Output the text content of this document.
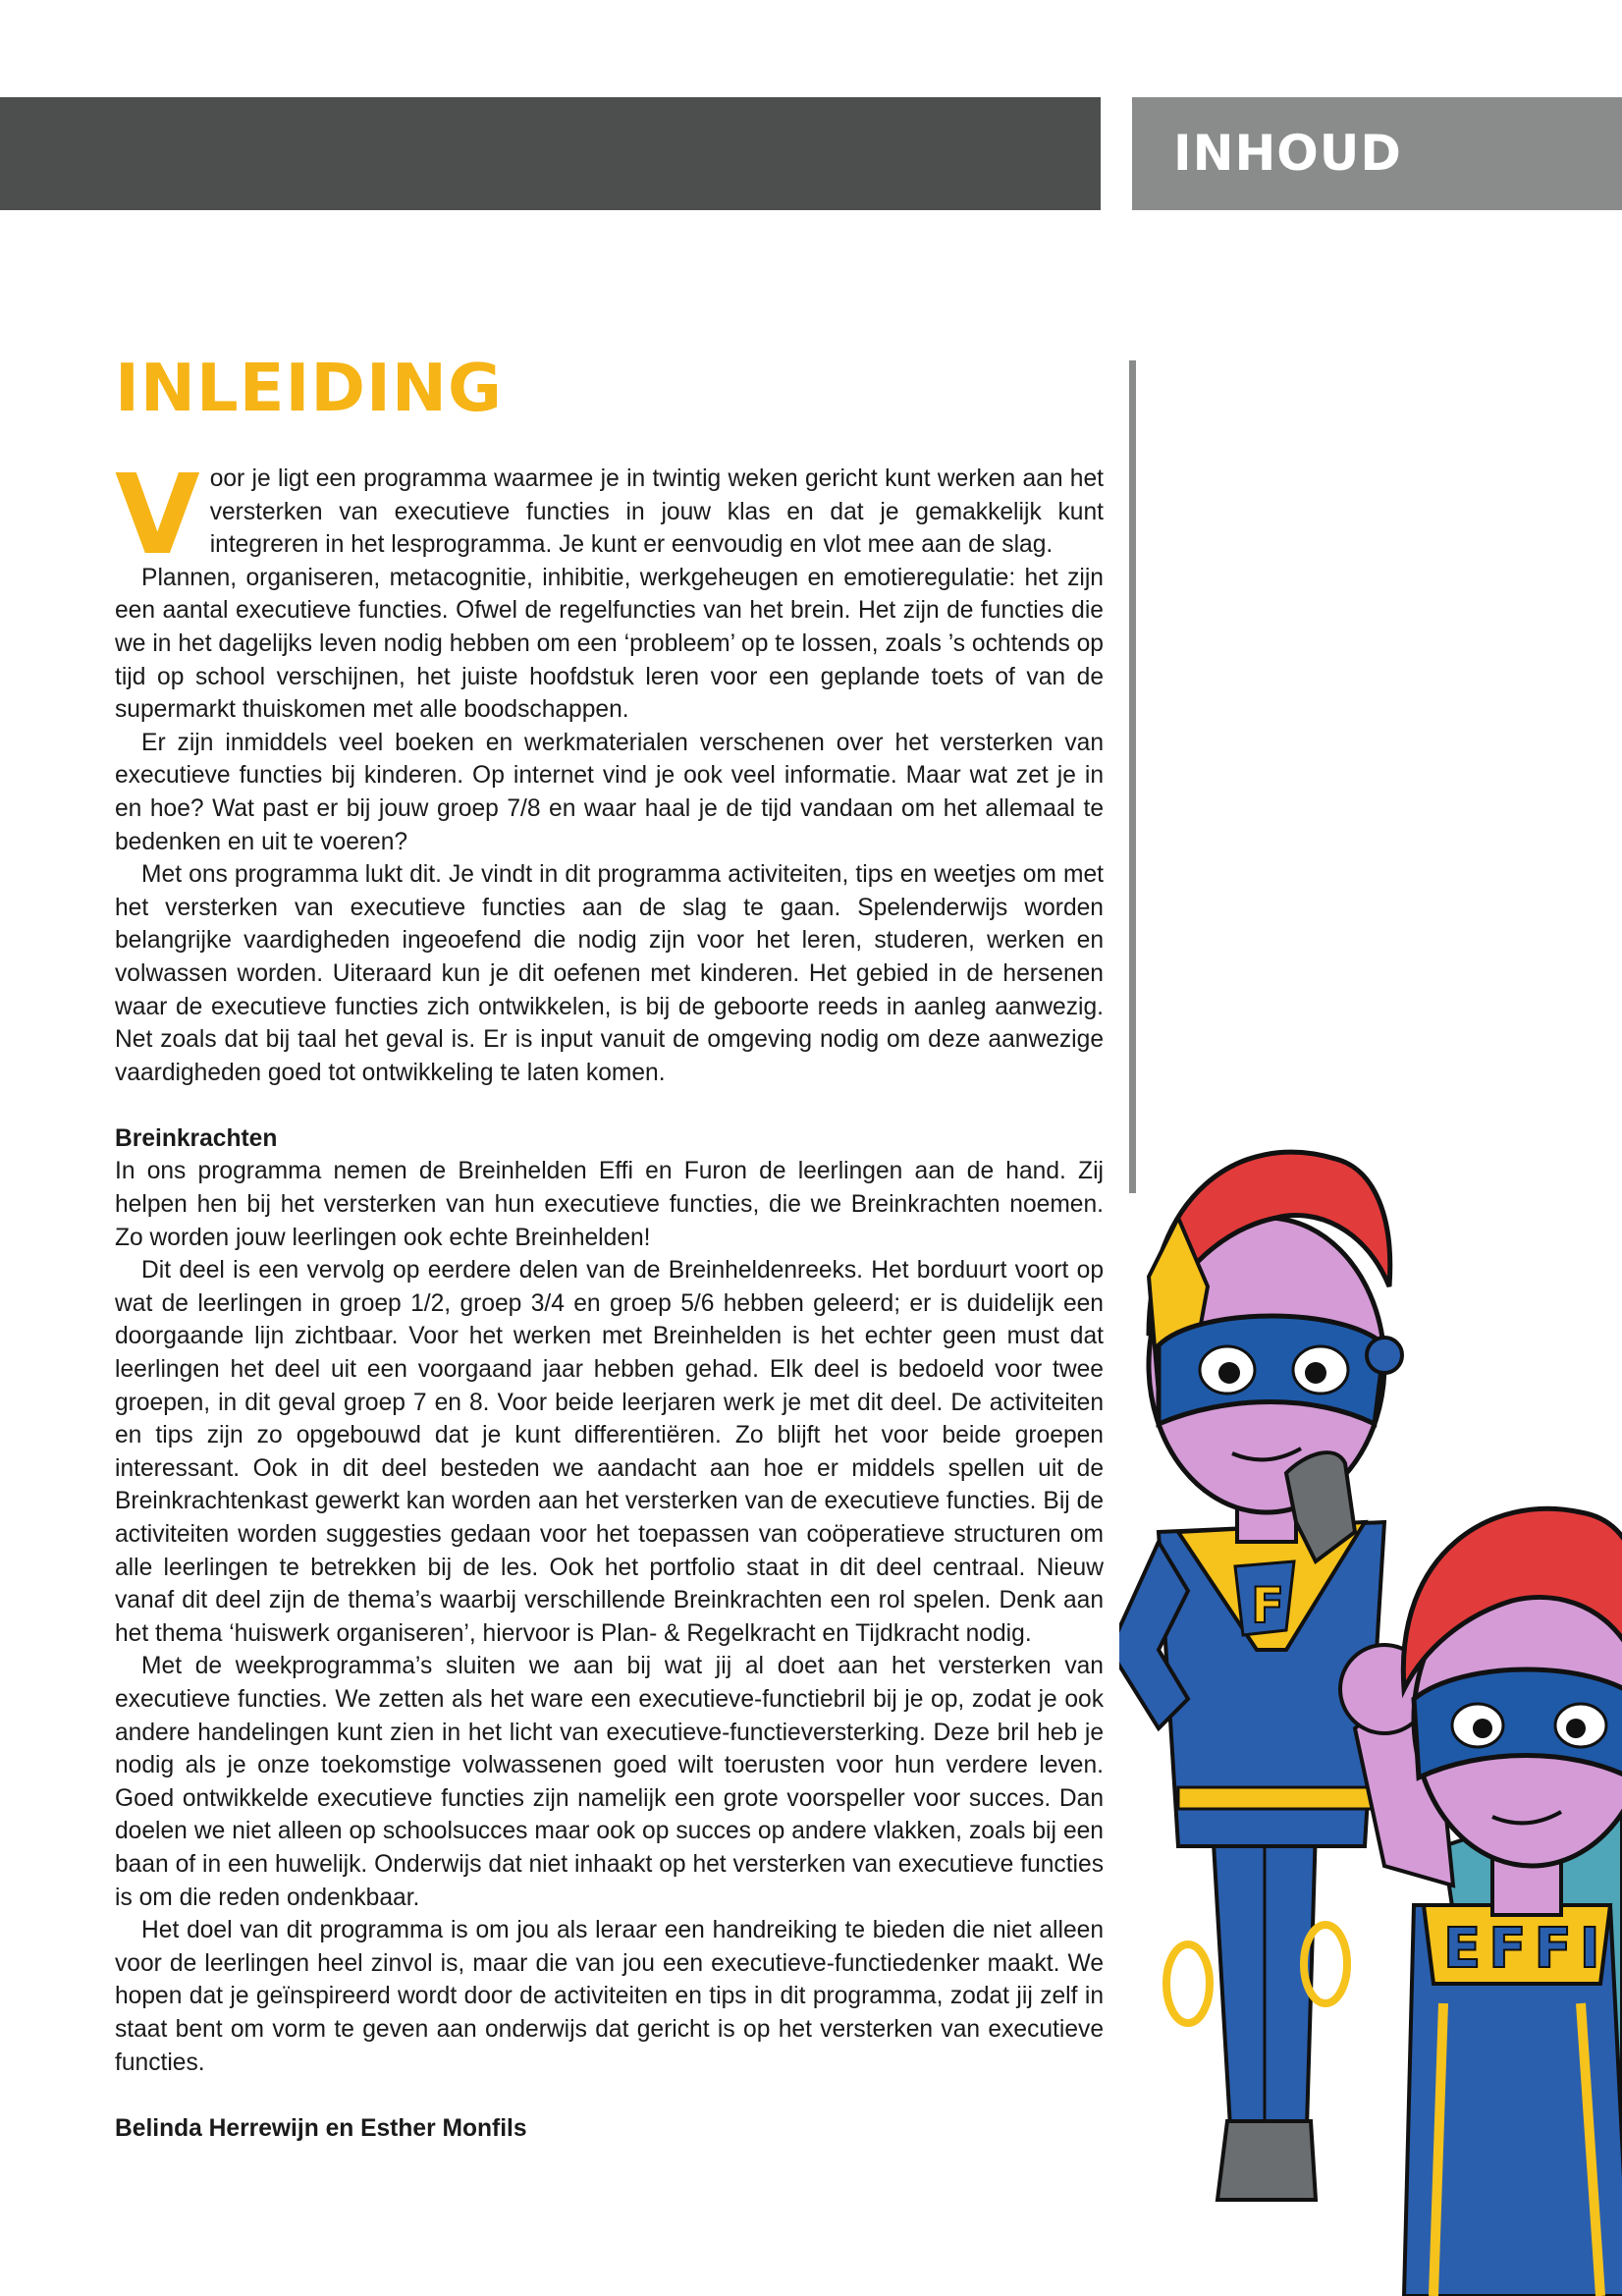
INHOUD
INLEIDING

V oor je ligt een programma waarmee je in twintig weken gericht kunt werken aan het versterken van executieve functies in jouw klas en dat je gemakkelijk kunt integreren in het lesprogramma. Je kunt er eenvoudig en vlot mee aan de slag.

Plannen, organiseren, metacognitie, inhibitie, werkgeheugen en emotieregulatie: het zijn een aantal executieve functies. Ofwel de regelfuncties van het brein. Het zijn de functies die we in het dagelijks leven nodig hebben om een ‘probleem’ op te lossen, zoals ’s ochtends op tijd op school verschijnen, het juiste hoofdstuk leren voor een geplande toets of van de supermarkt thuiskomen met alle boodschappen.

Er zijn inmiddels veel boeken en werkmaterialen verschenen over het versterken van executieve functies bij kinderen. Op internet vind je ook veel informatie. Maar wat zet je in en hoe? Wat past er bij jouw groep 7/8 en waar haal je de tijd vandaan om het allemaal te bedenken en uit te voeren?

Met ons programma lukt dit. Je vindt in dit programma activiteiten, tips en weetjes om met het versterken van executieve functies aan de slag te gaan. Spelenderwijs worden belangrijke vaardigheden ingeoefend die nodig zijn voor het leren, studeren, werken en volwassen worden. Uiteraard kun je dit oefenen met kinderen. Het gebied in de hersenen waar de executieve functies zich ontwikkelen, is bij de geboorte reeds in aanleg aanwezig. Net zoals dat bij taal het geval is. Er is input vanuit de omgeving nodig om deze aanwezige vaardigheden goed tot ontwikkeling te laten komen.

Breinkrachten

In ons programma nemen de Breinhelden Effi en Furon de leerlingen aan de hand. Zij helpen hen bij het versterken van hun executieve functies, die we Breinkrachten noemen. Zo worden jouw leerlingen ook echte Breinhelden!

Dit deel is een vervolg op eerdere delen van de Breinheldenreeks. Het borduurt voort op wat de leerlingen in groep 1/2, groep 3/4 en groep 5/6 hebben geleerd; er is duidelijk een doorgaande lijn zichtbaar. Voor het werken met Breinhelden is het echter geen must dat leerlingen het deel uit een voorgaand jaar hebben gehad. Elk deel is bedoeld voor twee groepen, in dit geval groep 7 en 8. Voor beide leerjaren werk je met dit deel. De activiteiten en tips zijn zo opgebouwd dat je kunt differentiëren. Zo blijft het voor beide groepen interessant. Ook in dit deel besteden we aandacht aan hoe er middels spellen uit de Breinkrachtenkast gewerkt kan worden aan het versterken van de executieve functies. Bij de activiteiten worden suggesties gedaan voor het toepassen van coöperatieve structuren om alle leerlingen te betrekken bij de les. Ook het portfolio staat in dit deel centraal. Nieuw vanaf dit deel zijn de thema’s waarbij verschillende Breinkrachten een rol spelen. Denk aan het thema ‘huiswerk organiseren’, hiervoor is Plan- & Regelkracht en Tijdkracht nodig.

Met de weekprogramma’s sluiten we aan bij wat jij al doet aan het versterken van executieve functies. We zetten als het ware een executieve-functiebril bij je op, zodat je ook andere handelingen kunt zien in het licht van executieve-functieversterking. Deze bril heb je nodig als je onze toekomstige volwassenen goed wilt toerusten voor hun verdere leven. Goed ontwikkelde executieve functies zijn namelijk een grote voorspeller voor succes. Dan doelen we niet alleen op schoolsucces maar ook op succes op andere vlakken, zoals bij een baan of in een huwelijk. Onderwijs dat niet inhaakt op het versterken van executieve functies is om die reden ondenkbaar.

Het doel van dit programma is om jou als leraar een handreiking te bieden die niet alleen voor de leerlingen heel zinvol is, maar die van jou een executieve-functiedenker maakt. We hopen dat je geïnspireerd wordt door de activiteiten en tips in dit programma, zodat jij zelf in staat bent om vorm te geven aan onderwijs dat gericht is op het versterken van executieve functies.

Belinda Herrewijn en Esther Monfils

F
EFFI
